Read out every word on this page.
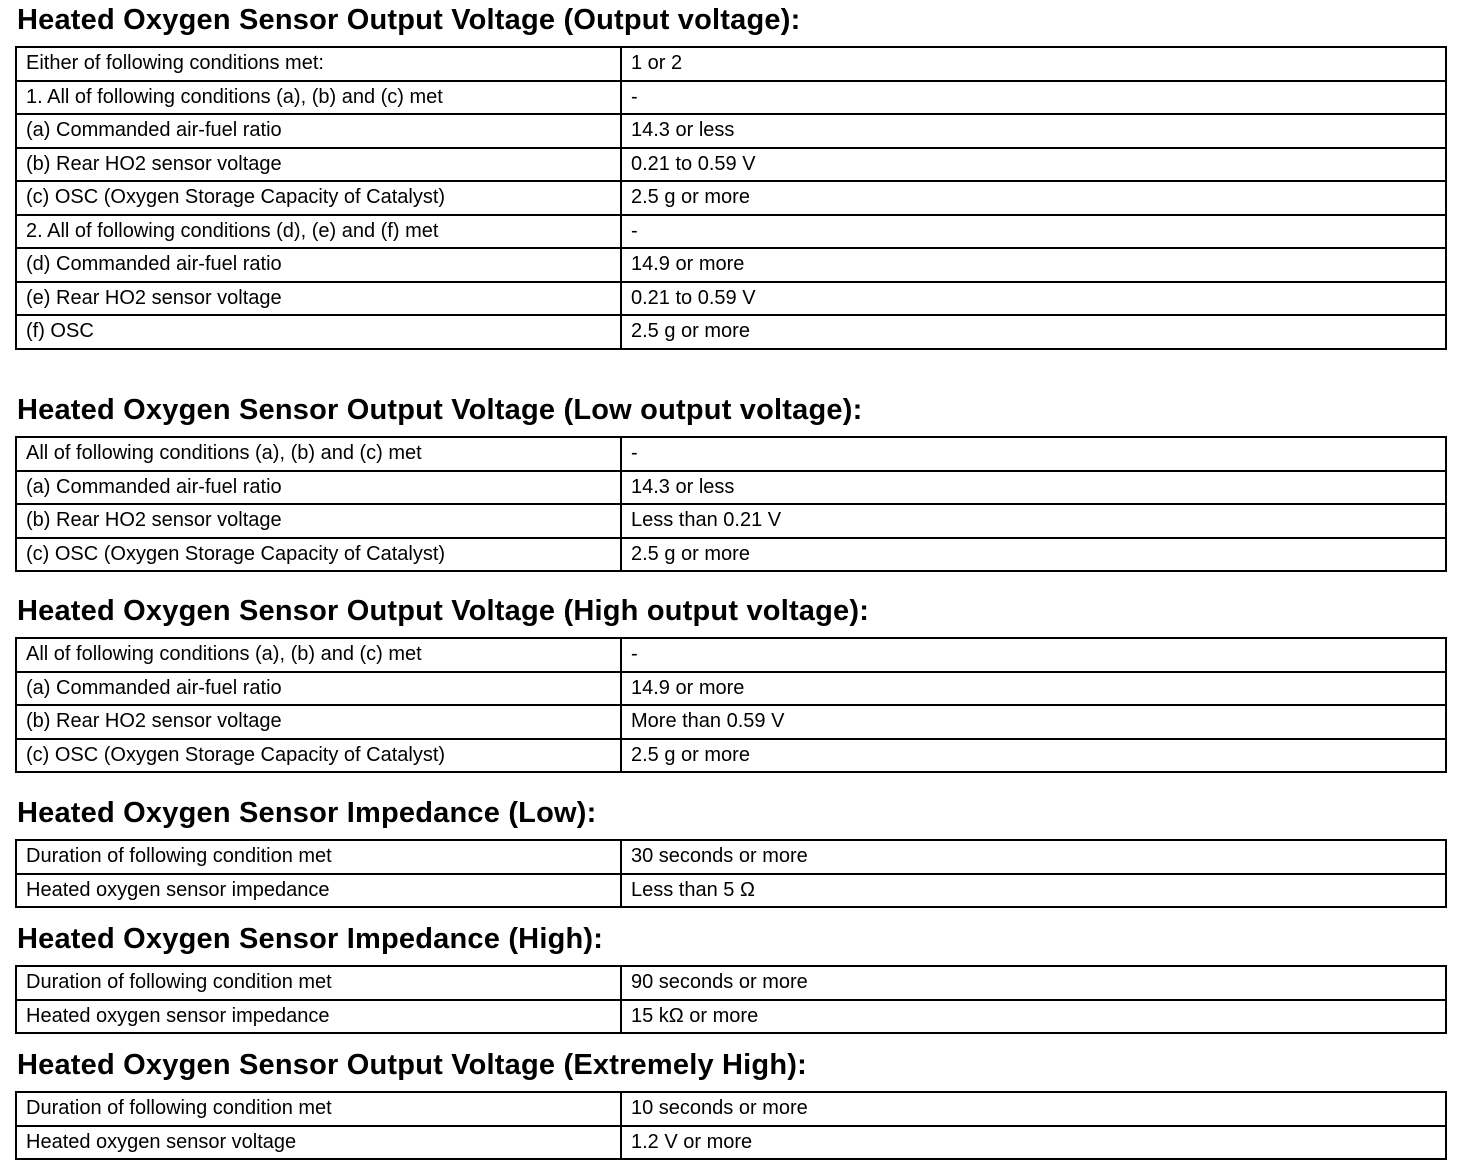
Heated Oxygen Sensor Output Voltage (Output voltage):
Either of following conditions met:	1 or 2
1. All of following conditions (a), (b) and (c) met	-
(a) Commanded air-fuel ratio	14.3 or less
(b) Rear HO2 sensor voltage	0.21 to 0.59 V
(c) OSC (Oxygen Storage Capacity of Catalyst)	2.5 g or more
2. All of following conditions (d), (e) and (f) met	-
(d) Commanded air-fuel ratio	14.9 or more
(e) Rear HO2 sensor voltage	0.21 to 0.59 V
(f) OSC	2.5 g or more
Heated Oxygen Sensor Output Voltage (Low output voltage):
All of following conditions (a), (b) and (c) met	-
(a) Commanded air-fuel ratio	14.3 or less
(b) Rear HO2 sensor voltage	Less than 0.21 V
(c) OSC (Oxygen Storage Capacity of Catalyst)	2.5 g or more
Heated Oxygen Sensor Output Voltage (High output voltage):
All of following conditions (a), (b) and (c) met	-
(a) Commanded air-fuel ratio	14.9 or more
(b) Rear HO2 sensor voltage	More than 0.59 V
(c) OSC (Oxygen Storage Capacity of Catalyst)	2.5 g or more
Heated Oxygen Sensor Impedance (Low):
Duration of following condition met	30 seconds or more
Heated oxygen sensor impedance	Less than 5 Ω
Heated Oxygen Sensor Impedance (High):
Duration of following condition met	90 seconds or more
Heated oxygen sensor impedance	15 kΩ or more
Heated Oxygen Sensor Output Voltage (Extremely High):
Duration of following condition met	10 seconds or more
Heated oxygen sensor voltage	1.2 V or more
